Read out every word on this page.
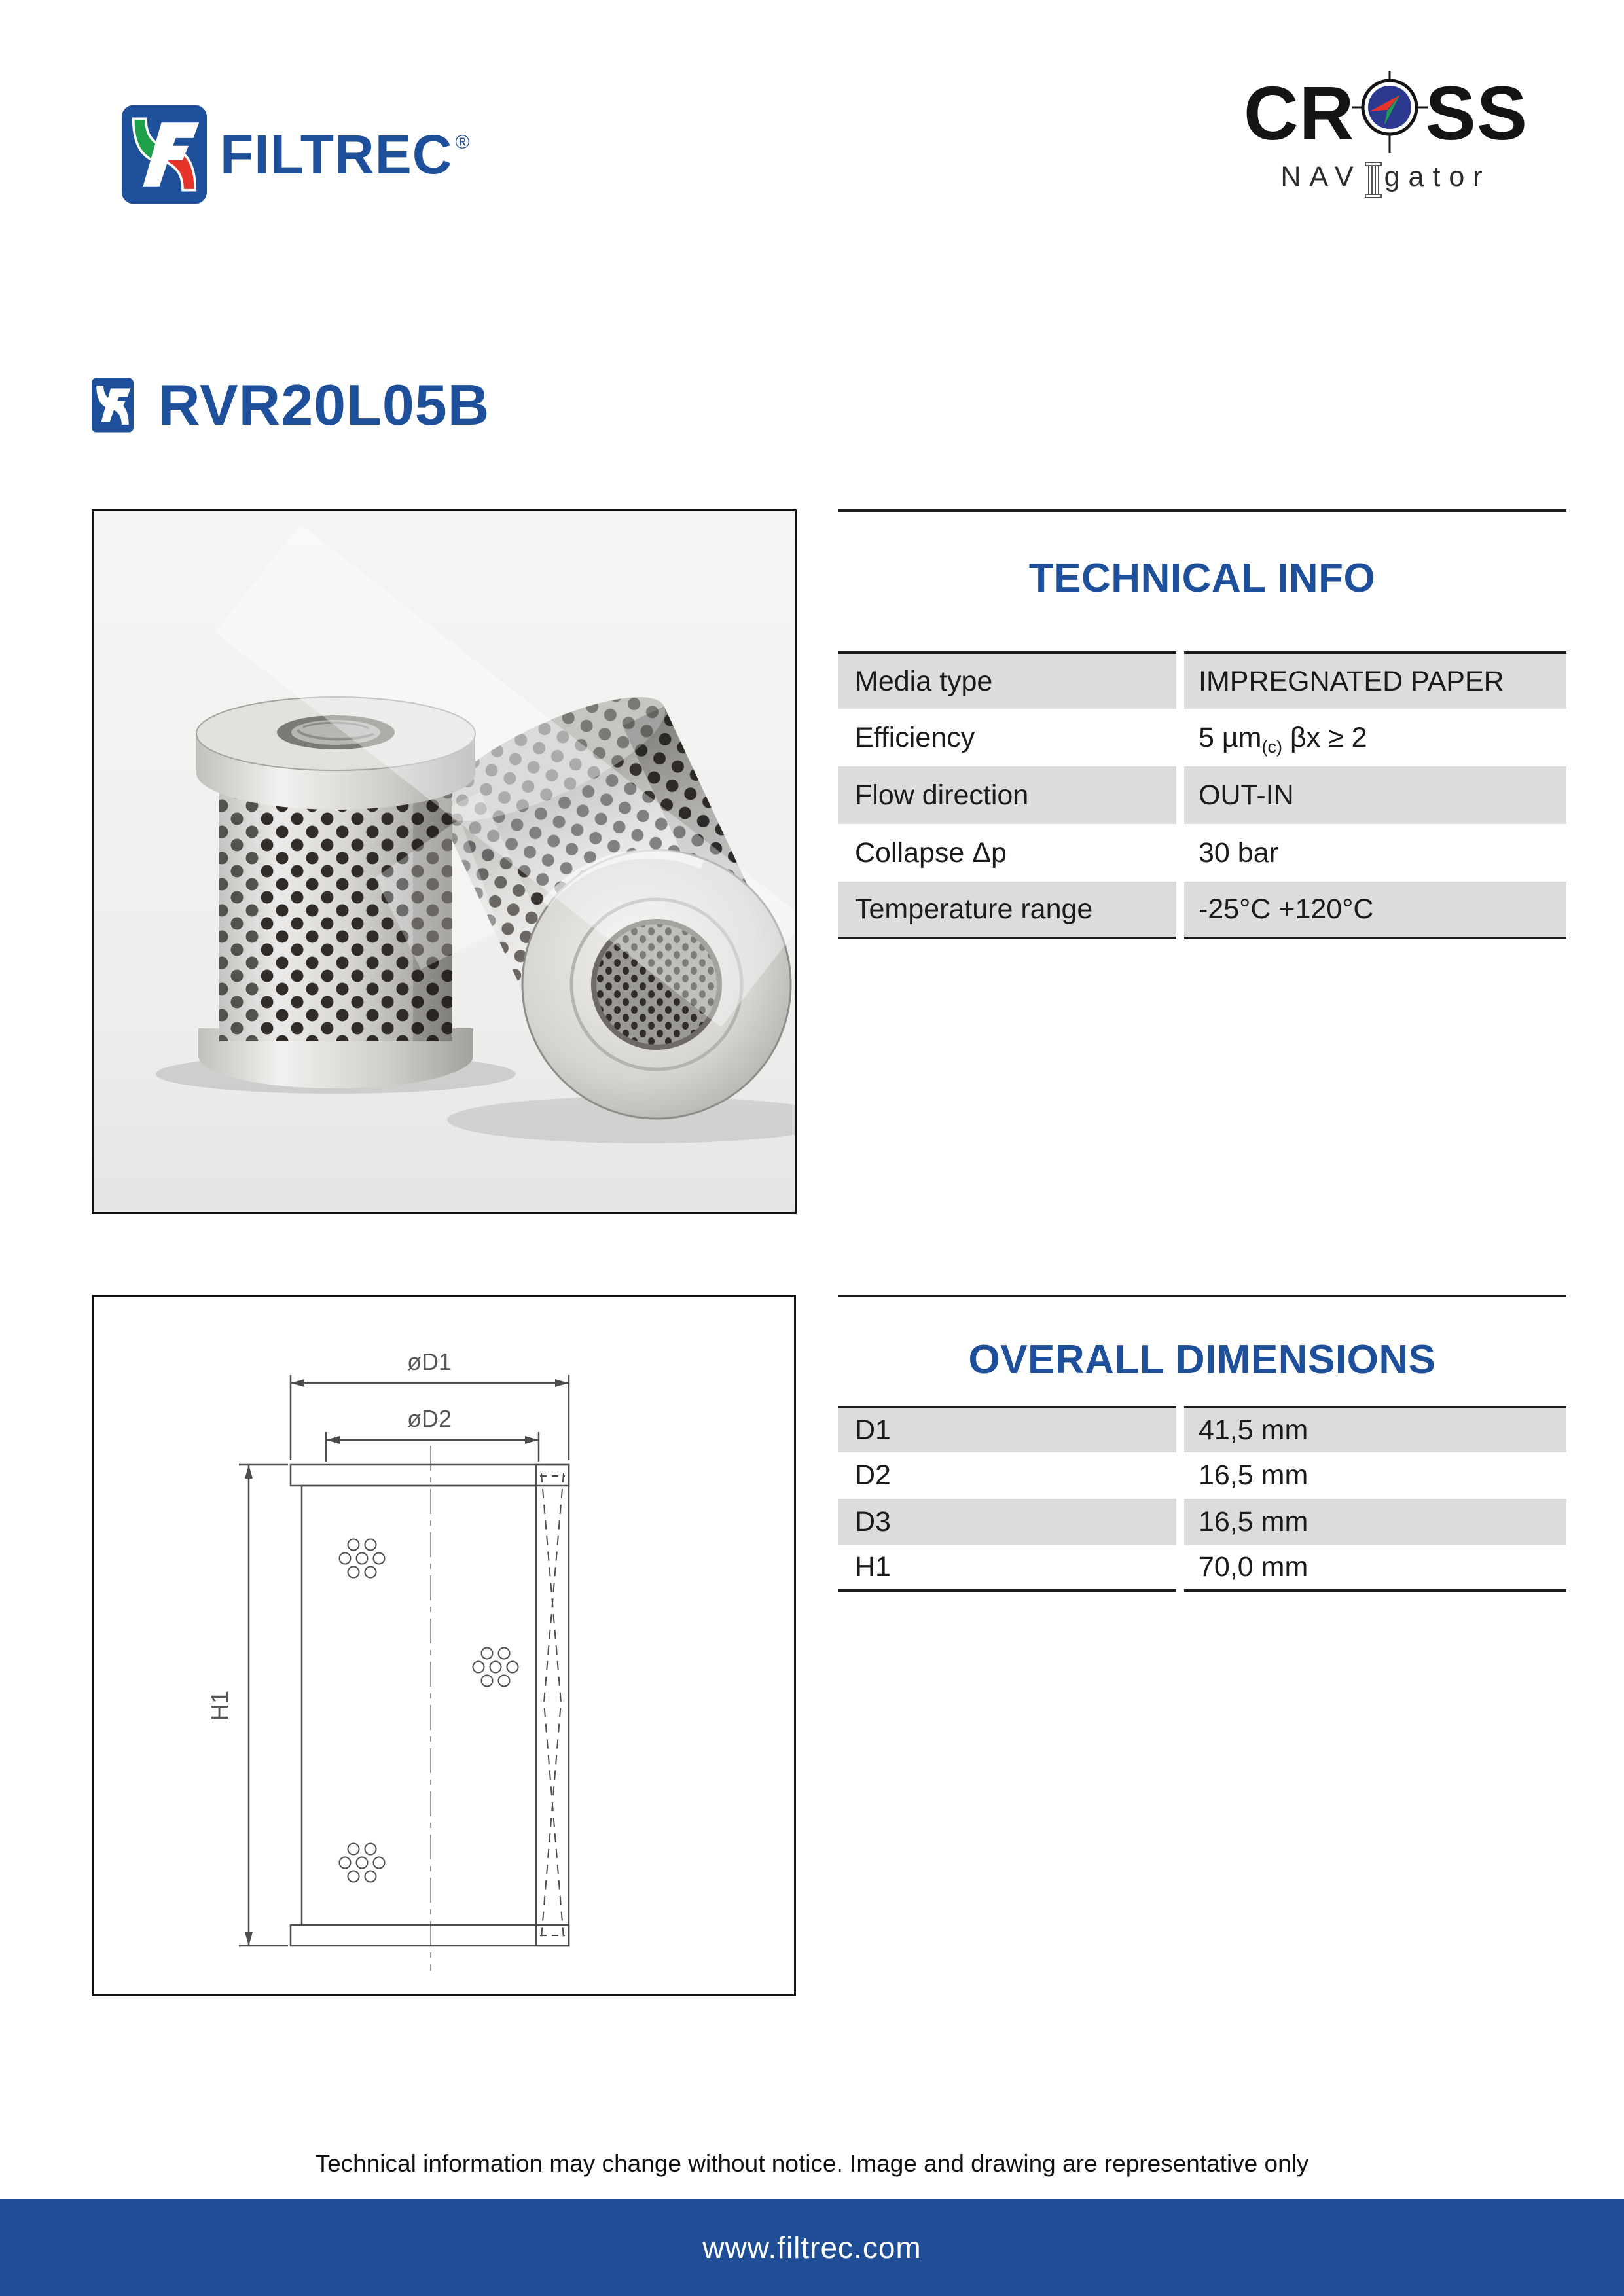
FILTREC ®	CR SS
NAV gator
RVR20L05B
TECHNICAL INFO
Media type	IMPREGNATED PAPER
Efficiency	5 µm (c) βx ≥ 2
Flow direction	OUT-IN
Collapse Δp	30 bar
Temperature range	-25°C +120°C
øD1
øD2
H1
OVERALL DIMENSIONS
D1	41,5 mm
D2	16,5 mm
D3	16,5 mm
H1	70,0 mm
Technical information may change without notice. Image and drawing are representative only
www.filtrec.com
